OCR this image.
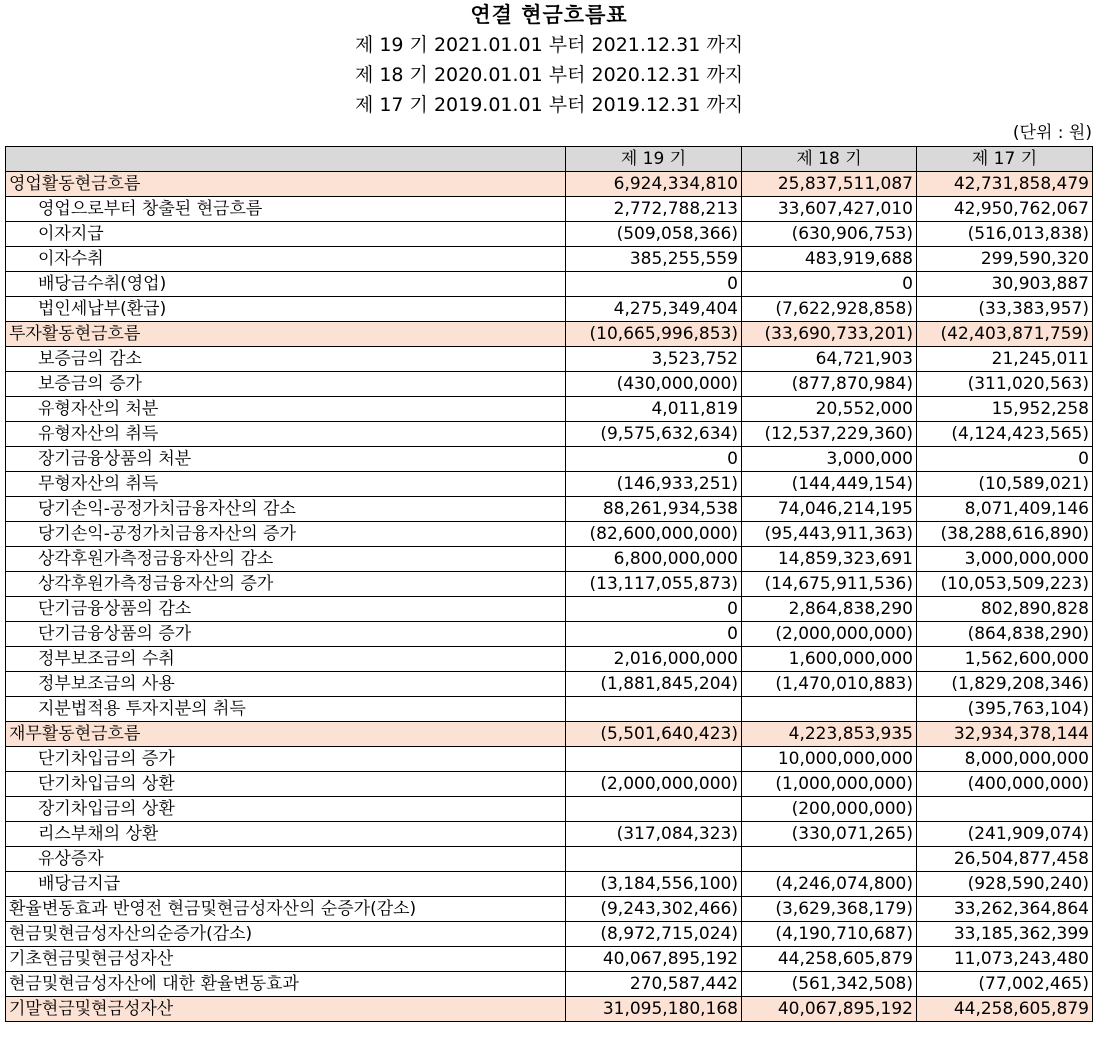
연결 현금흐름표
제 19 기 2021.01.01 부터 2021.12.31 까지
제 18 기 2020.01.01 부터 2020.12.31 까지
제 17 기 2019.01.01 부터 2019.12.31 까지
(단위 : 원)
	제 19 기	제 18 기	제 17 기
영업활동현금흐름	6,924,334,810	25,837,511,087	42,731,858,479
영업으로부터 창출된 현금흐름	2,772,788,213	33,607,427,010	42,950,762,067
이자지급	(509,058,366)	(630,906,753)	(516,013,838)
이자수취	385,255,559	483,919,688	299,590,320
배당금수취(영업)	0	0	30,903,887
법인세납부(환급)	4,275,349,404	(7,622,928,858)	(33,383,957)
투자활동현금흐름	(10,665,996,853)	(33,690,733,201)	(42,403,871,759)
보증금의 감소	3,523,752	64,721,903	21,245,011
보증금의 증가	(430,000,000)	(877,870,984)	(311,020,563)
유형자산의 처분	4,011,819	20,552,000	15,952,258
유형자산의 취득	(9,575,632,634)	(12,537,229,360)	(4,124,423,565)
장기금융상품의 처분	0	3,000,000	0
무형자산의 취득	(146,933,251)	(144,449,154)	(10,589,021)
당기손익-공정가치금융자산의 감소	88,261,934,538	74,046,214,195	8,071,409,146
당기손익-공정가치금융자산의 증가	(82,600,000,000)	(95,443,911,363)	(38,288,616,890)
상각후원가측정금융자산의 감소	6,800,000,000	14,859,323,691	3,000,000,000
상각후원가측정금융자산의 증가	(13,117,055,873)	(14,675,911,536)	(10,053,509,223)
단기금융상품의 감소	0	2,864,838,290	802,890,828
단기금융상품의 증가	0	(2,000,000,000)	(864,838,290)
정부보조금의 수취	2,016,000,000	1,600,000,000	1,562,600,000
정부보조금의 사용	(1,881,845,204)	(1,470,010,883)	(1,829,208,346)
지분법적용 투자지분의 취득			(395,763,104)
재무활동현금흐름	(5,501,640,423)	4,223,853,935	32,934,378,144
단기차입금의 증가		10,000,000,000	8,000,000,000
단기차입금의 상환	(2,000,000,000)	(1,000,000,000)	(400,000,000)
장기차입금의 상환		(200,000,000)	
리스부채의 상환	(317,084,323)	(330,071,265)	(241,909,074)
유상증자			26,504,877,458
배당금지급	(3,184,556,100)	(4,246,074,800)	(928,590,240)
환율변동효과 반영전 현금및현금성자산의 순증가(감소)	(9,243,302,466)	(3,629,368,179)	33,262,364,864
현금및현금성자산의순증가(감소)	(8,972,715,024)	(4,190,710,687)	33,185,362,399
기초현금및현금성자산	40,067,895,192	44,258,605,879	11,073,243,480
현금및현금성자산에 대한 환율변동효과	270,587,442	(561,342,508)	(77,002,465)
기말현금및현금성자산	31,095,180,168	40,067,895,192	44,258,605,879
